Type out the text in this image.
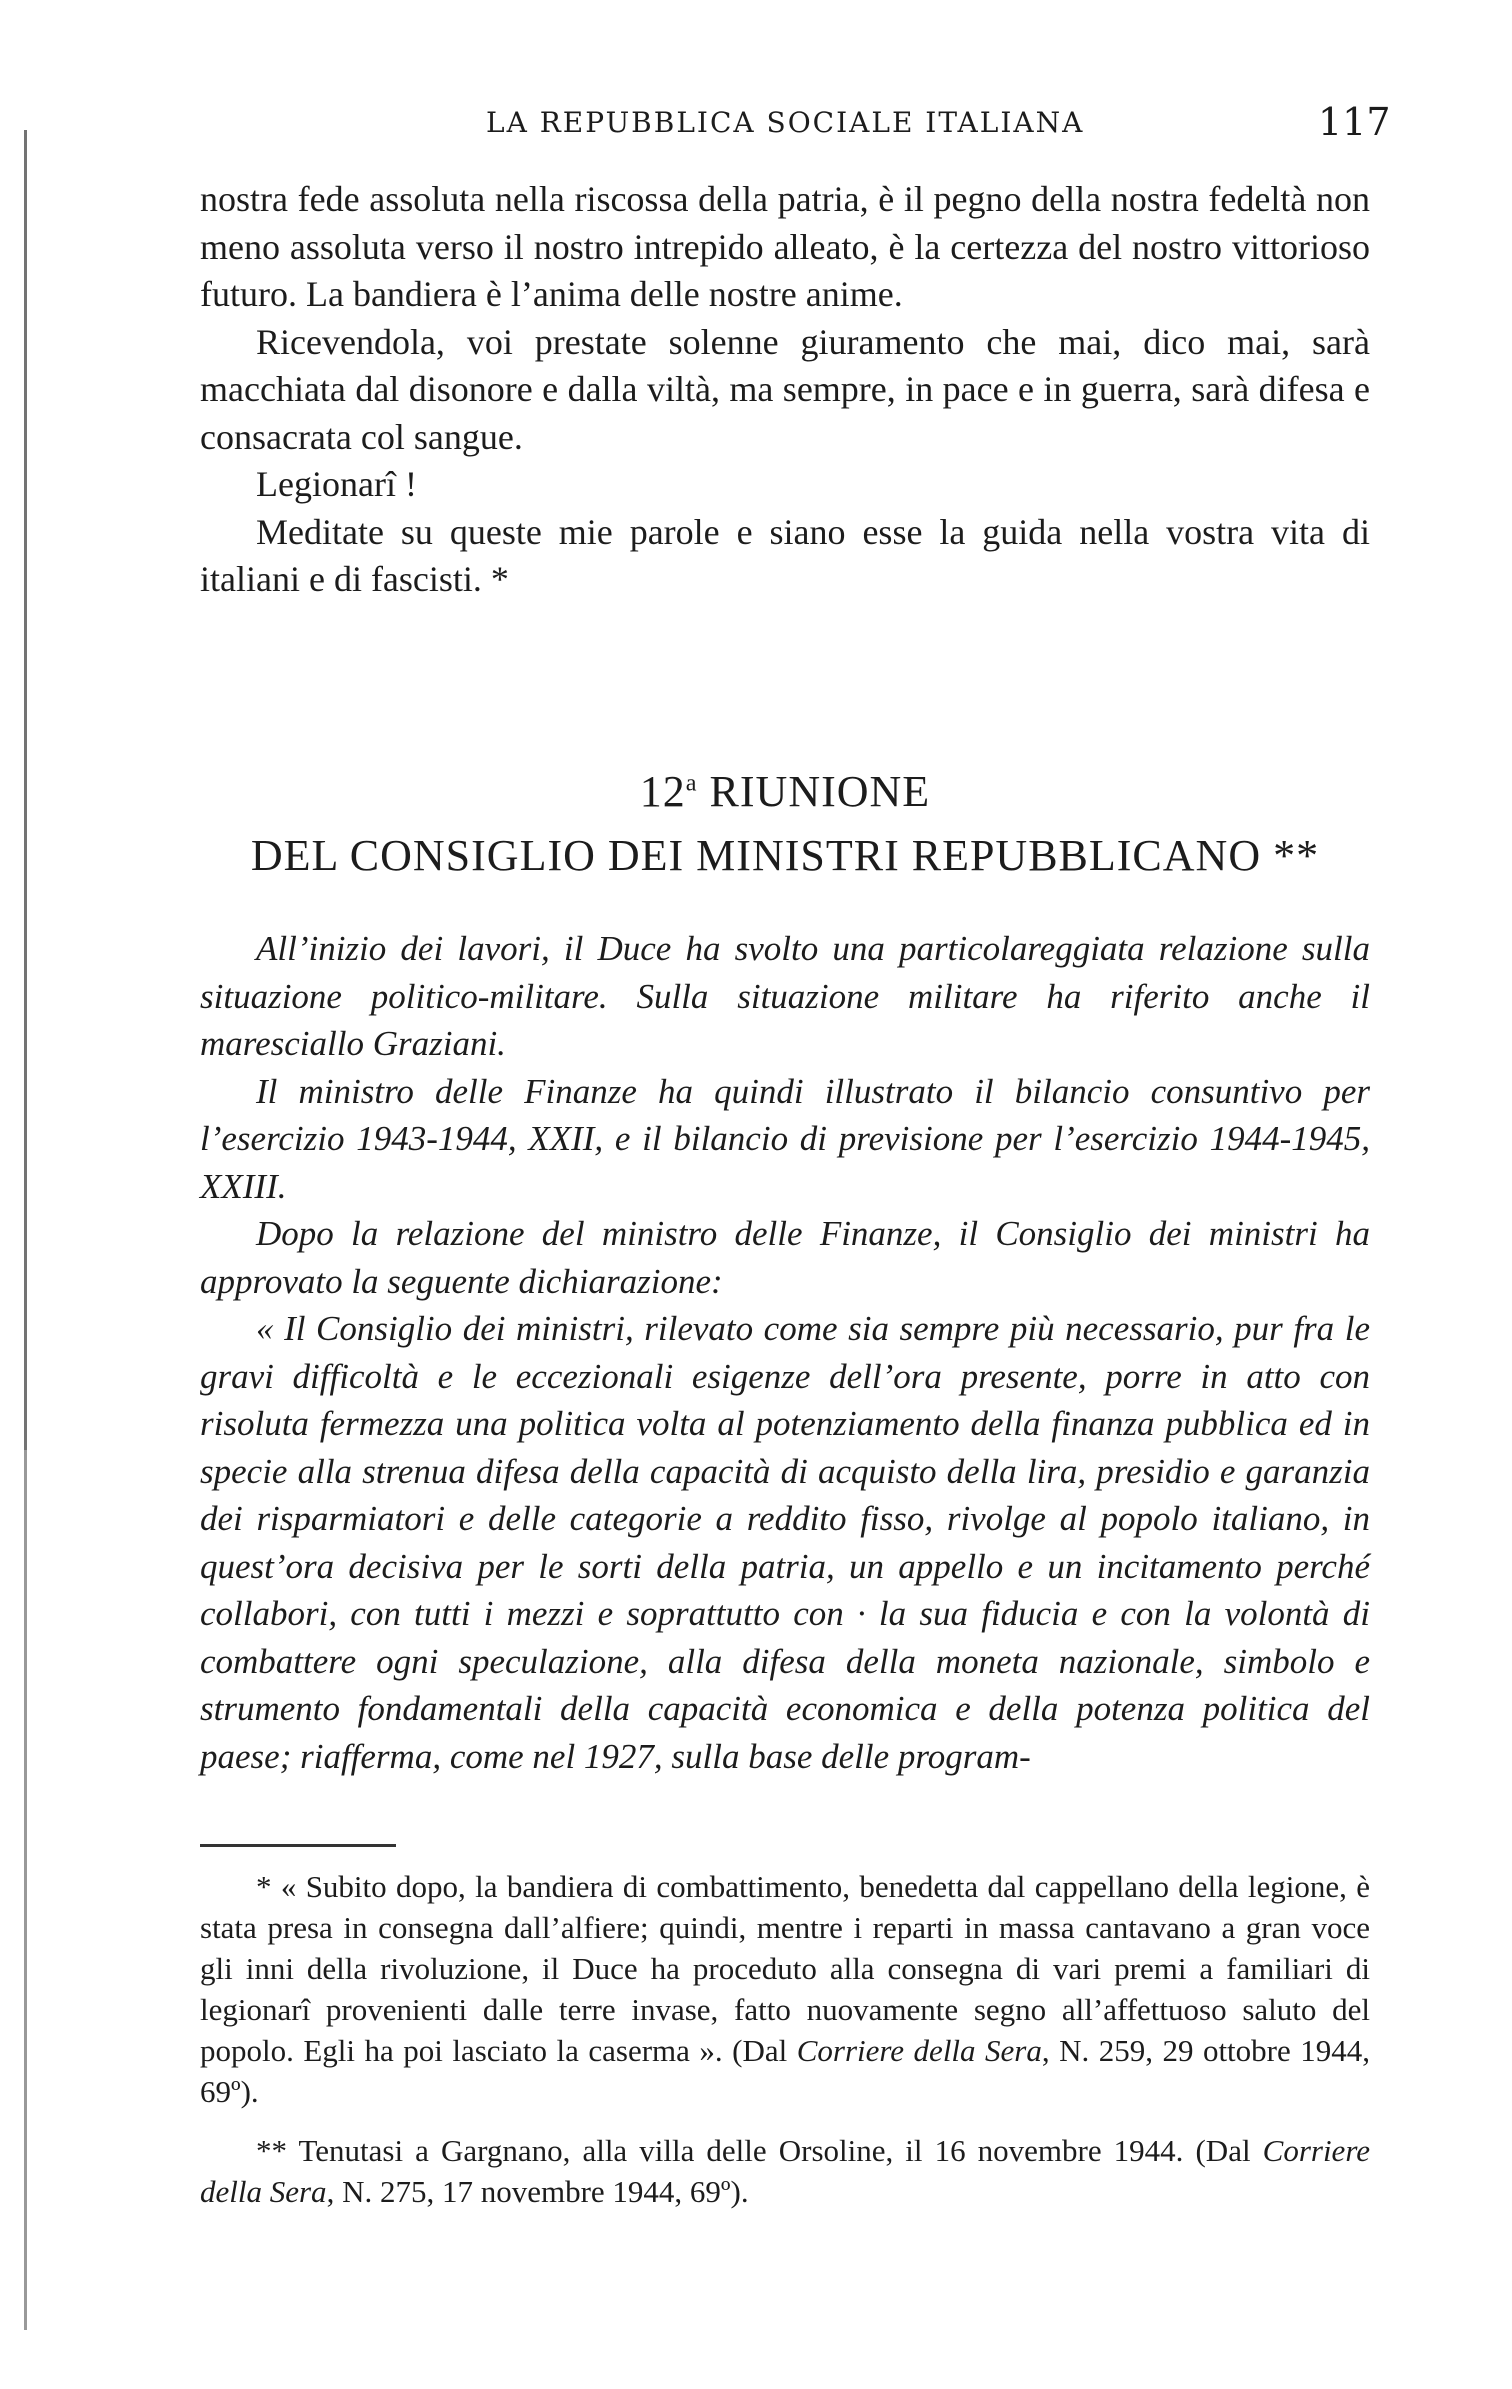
LA REPUBBLICA SOCIALE ITALIANA	117

nostra fede assoluta nella riscossa della patria, è il pegno della nostra fedeltà non meno assoluta verso il nostro intrepido alleato, è la certezza del nostro vittorioso futuro. La bandiera è l’anima delle nostre anime.

Ricevendola, voi prestate solenne giuramento che mai, dico mai, sarà macchiata dal disonore e dalla viltà, ma sempre, in pace e in guerra, sarà difesa e consacrata col sangue.

Legionarî !

Meditate su queste mie parole e siano esse la guida nella vostra vita di italiani e di fascisti. *

12$^a$ RIUNIONE
DEL CONSIGLIO DEI MINISTRI REPUBBLICANO **

All’inizio dei lavori, il Duce ha svolto una particolareggiata relazione sulla situazione politico-militare. Sulla situazione militare ha riferito anche il maresciallo Graziani.

Il ministro delle Finanze ha quindi illustrato il bilancio consuntivo per l’esercizio 1943-1944, XXII, e il bilancio di previsione per l’esercizio 1944-1945, XXIII.

Dopo la relazione del ministro delle Finanze, il Consiglio dei ministri ha approvato la seguente dichiarazione:

« Il Consiglio dei ministri, rilevato come sia sempre più necessario, pur fra le gravi difficoltà e le eccezionali esigenze dell’ora presente, porre in atto con risoluta fermezza una politica volta al potenziamento della finanza pubblica ed in specie alla strenua difesa della capacità di acquisto della lira, presidio e garanzia dei risparmiatori e delle categorie a reddito fisso, rivolge al popolo italiano, in quest’ora decisiva per le sorti della patria, un appello e un incitamento perché collabori, con tutti i mezzi e soprattutto con · la sua fiducia e con la volontà di combattere ogni speculazione, alla difesa della moneta nazionale, simbolo e strumento fondamentali della capacità economica e della potenza politica del paese; riafferma, come nel 1927, sulla base delle program-

* « Subito dopo, la bandiera di combattimento, benedetta dal cappellano della legione, è stata presa in consegna dall’alfiere; quindi, mentre i reparti in massa cantavano a gran voce gli inni della rivoluzione, il Duce ha proceduto alla consegna di vari premi a familiari di legionarî provenienti dalle terre invase, fatto nuovamente segno all’affettuoso saluto del popolo. Egli ha poi lasciato la caserma ». (Dal Corriere della Sera, N. 259, 29 ottobre 1944, 69º).

** Tenutasi a Gargnano, alla villa delle Orsoline, il 16 novembre 1944. (Dal Corriere della Sera, N. 275, 17 novembre 1944, 69º).
